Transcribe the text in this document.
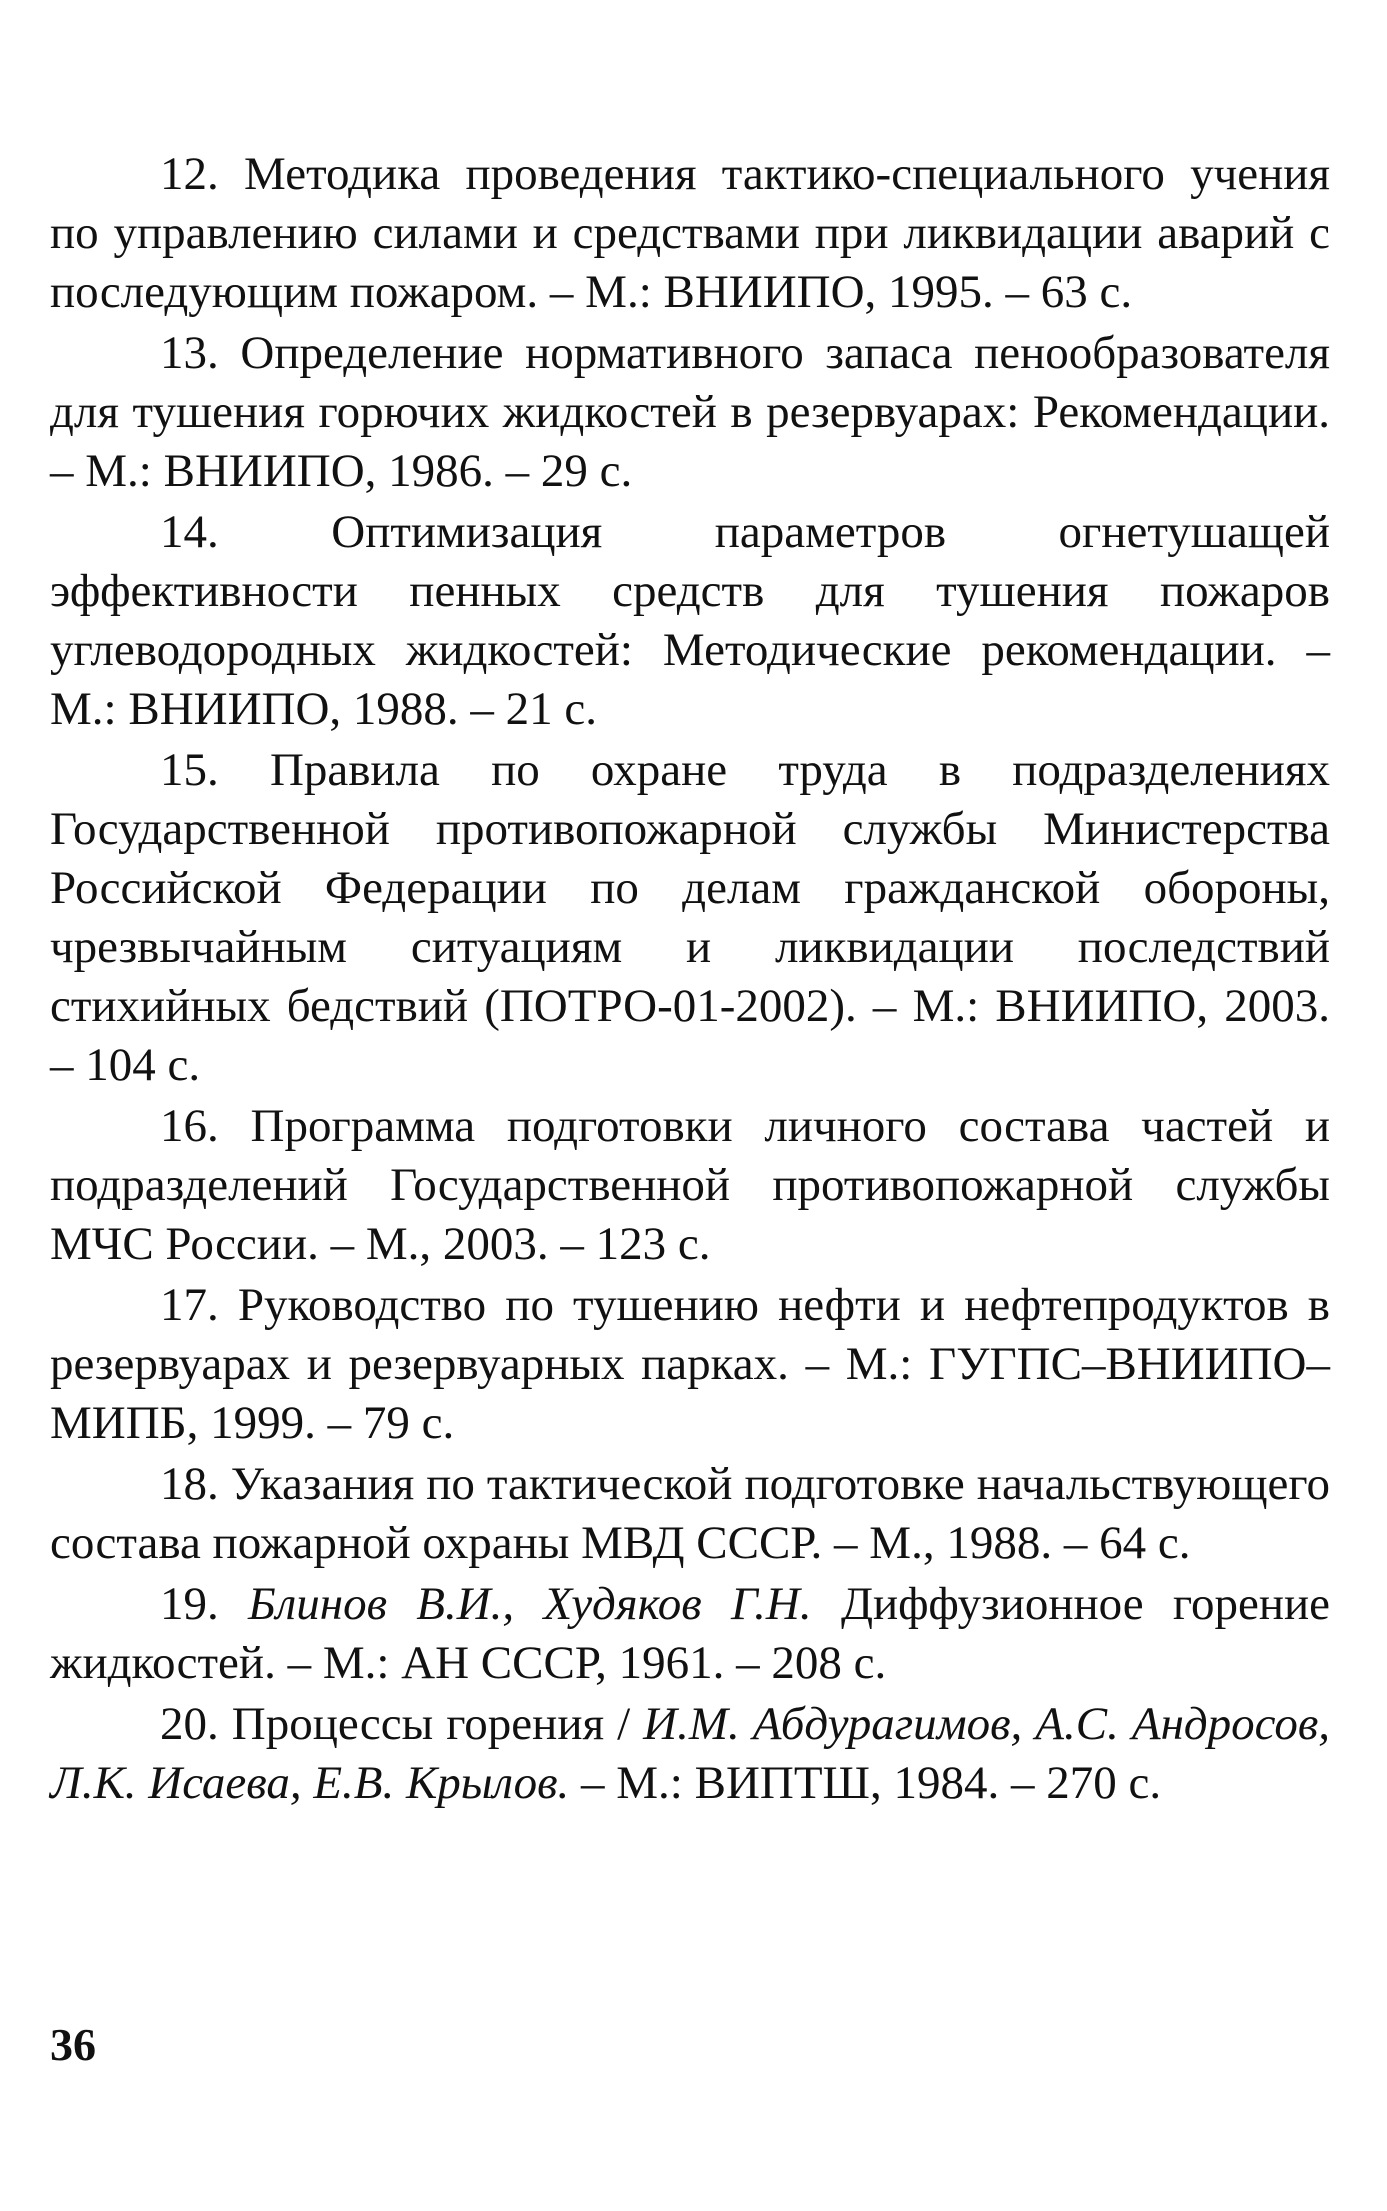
12. Методика проведения тактико-специального учения по управлению силами и средствами при ликвидации аварий с последующим пожаром. – М.: ВНИИПО, 1995. – 63 с.

13. Определение нормативного запаса пенообразователя для тушения горючих жидкостей в резервуарах: Рекомендации. – М.: ВНИИПО, 1986. – 29 с.

14. Оптимизация параметров огнетушащей эффективности пенных средств для тушения пожаров углеводородных жидкостей: Методические рекомендации. – М.: ВНИИПО, 1988. – 21 с.

15. Правила по охране труда в подразделениях Государственной противопожарной службы Министерства Российской Федерации по делам гражданской обороны, чрезвычайным ситуациям и ликвидации последствий стихийных бедствий (ПОТРО-01-2002). – М.: ВНИИПО, 2003. – 104 с.

16. Программа подготовки личного состава частей и подразделений Государственной противопожарной службы МЧС России. – М., 2003. – 123 с.

17. Руководство по тушению нефти и нефтепродуктов в резервуарах и резервуарных парках. – М.: ГУГПС–ВНИИПО–МИПБ, 1999. – 79 с.

18. Указания по тактической подготовке начальствующего состава пожарной охраны МВД СССР. – М., 1988. – 64 с.

19. Блинов В.И., Худяков Г.Н. Диффузионное горение жидкостей. – М.: АН СССР, 1961. – 208 с.

20. Процессы горения / И.М. Абдурагимов, А.С. Андросов, Л.К. Исаева, Е.В. Крылов. – М.: ВИПТШ, 1984. – 270 с.

36
